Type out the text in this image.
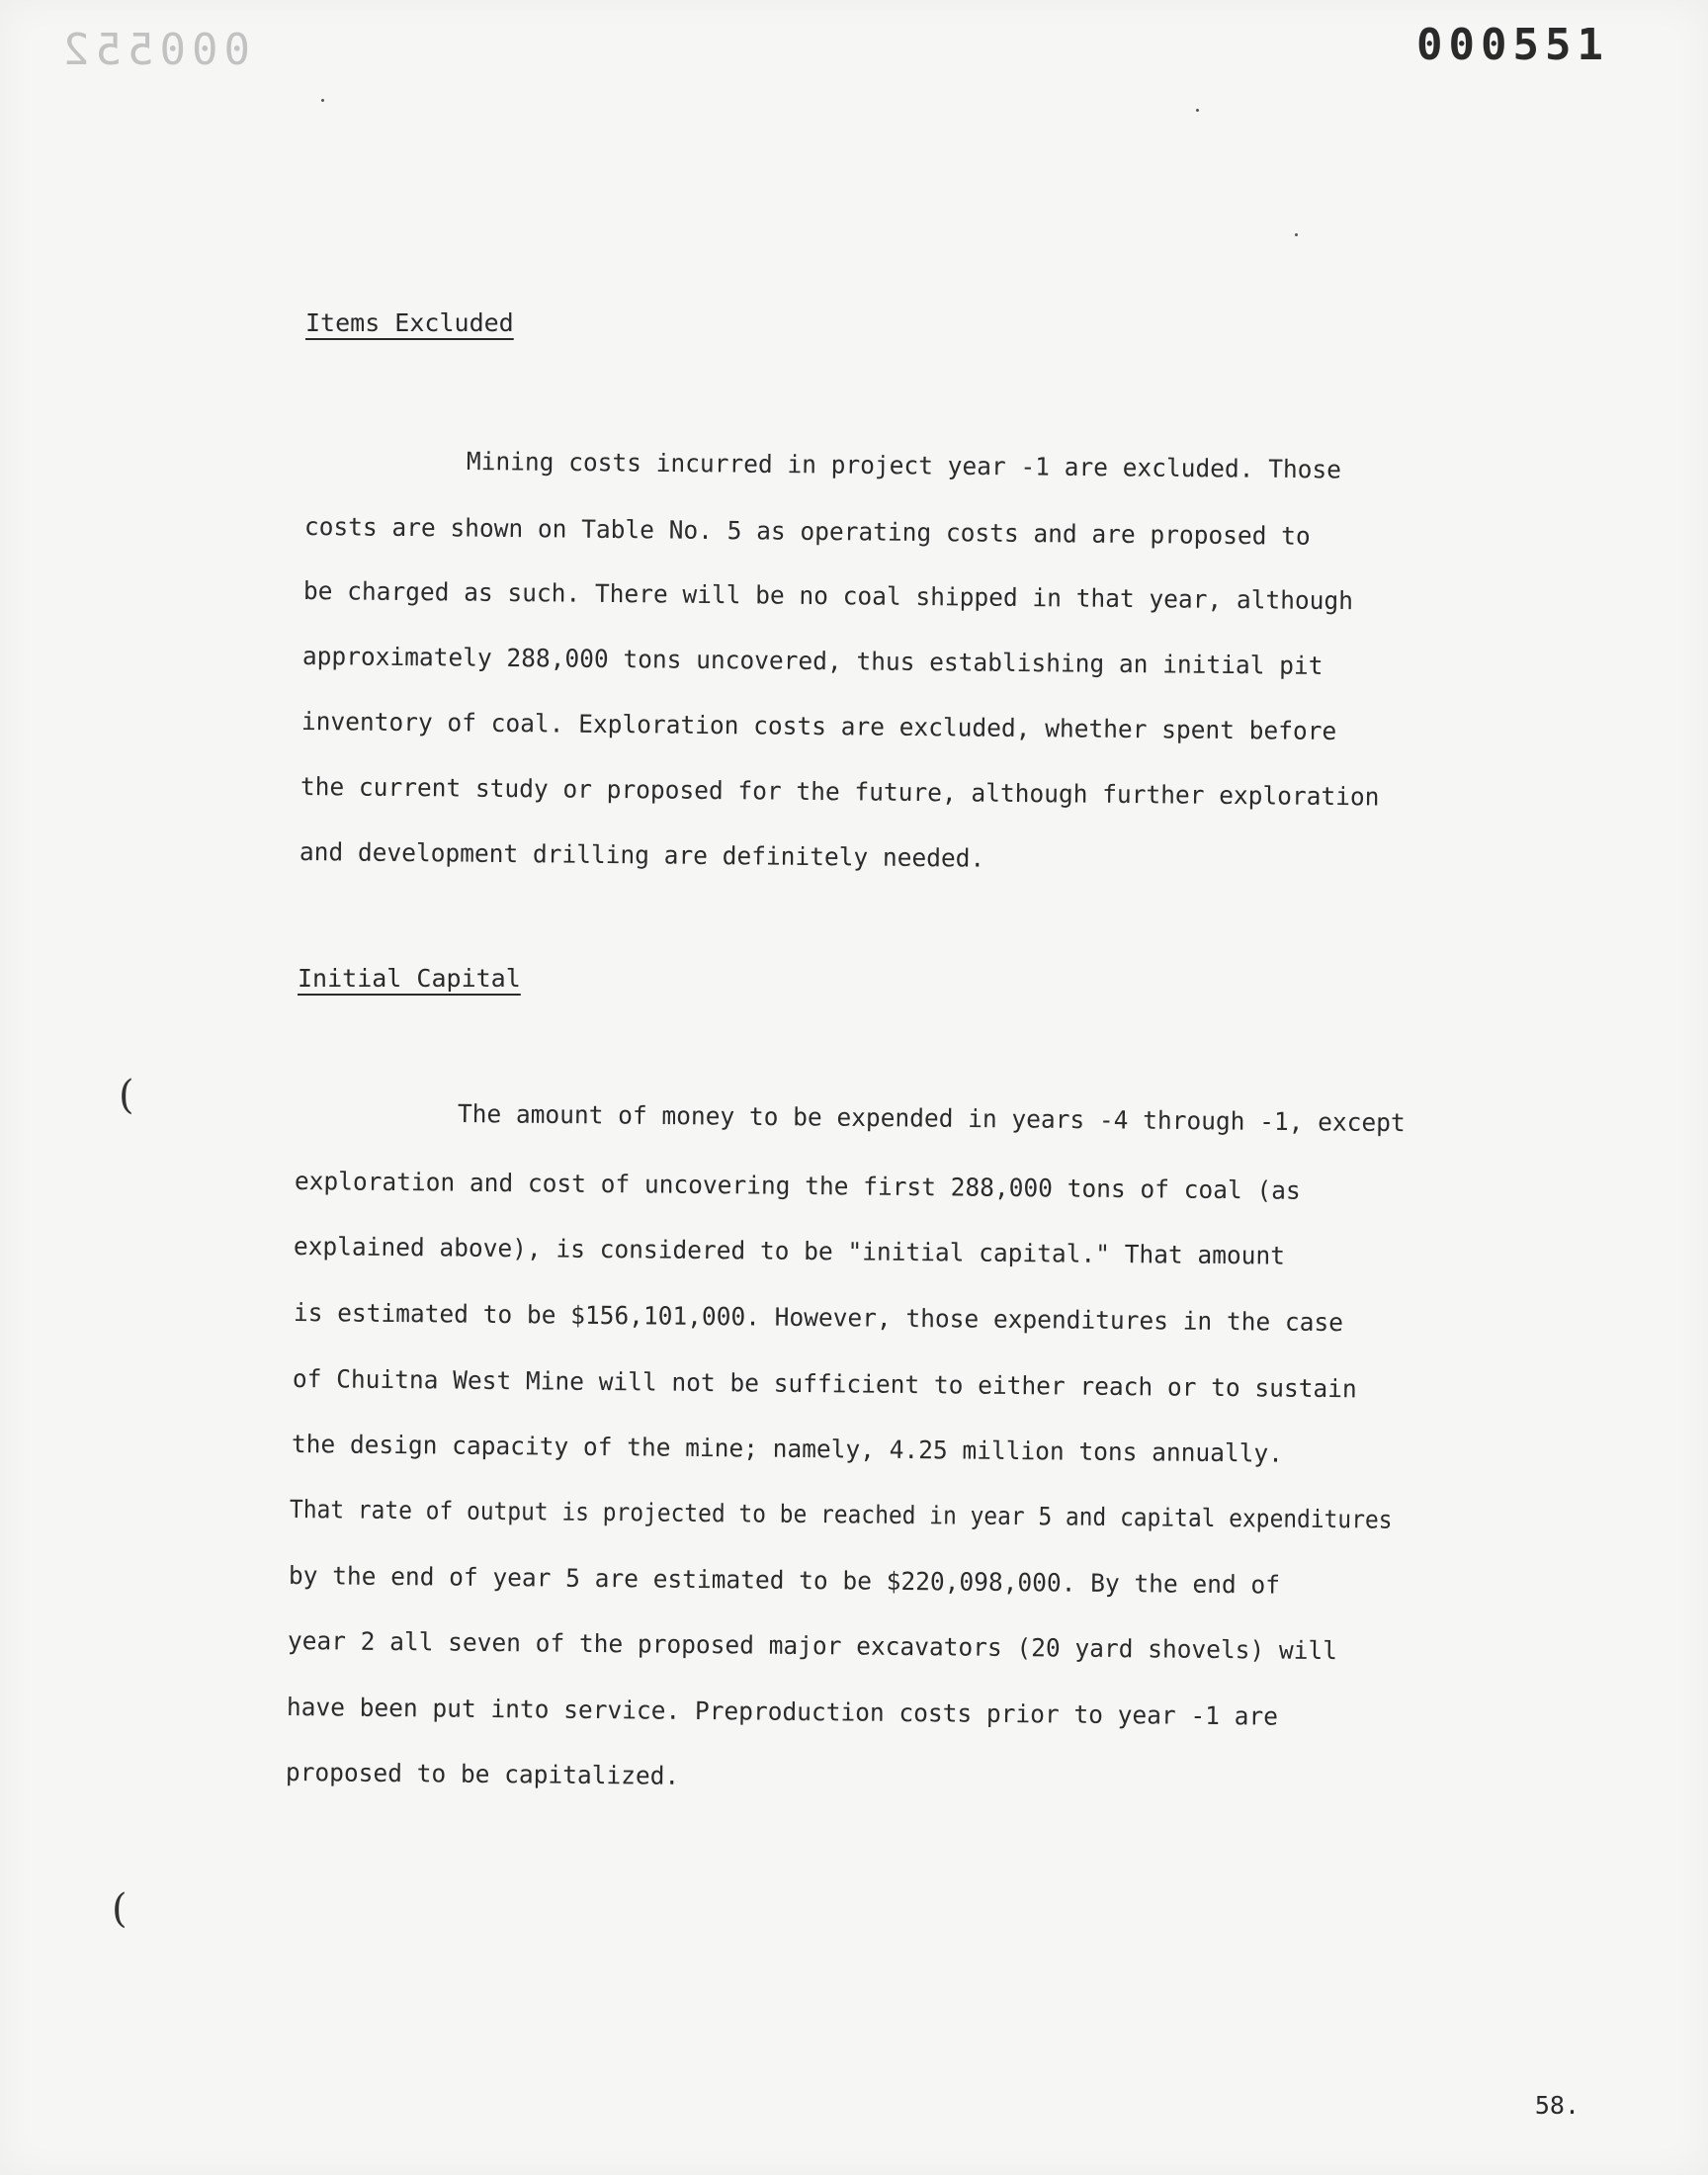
000552	000551
Items Excluded
Mining costs incurred in project year -1 are excluded. Those
costs are shown on Table No. 5 as operating costs and are proposed to
be charged as such. There will be no coal shipped in that year, although
approximately 288,000 tons uncovered, thus establishing an initial pit
inventory of coal. Exploration costs are excluded, whether spent before
the current study or proposed for the future, although further exploration
and development drilling are definitely needed.
Initial Capital
The amount of money to be expended in years -4 through -1, except
exploration and cost of uncovering the first 288,000 tons of coal (as
explained above), is considered to be "initial capital." That amount
is estimated to be $156,101,000. However, those expenditures in the case
of Chuitna West Mine will not be sufficient to either reach or to sustain
the design capacity of the mine; namely, 4.25 million tons annually.
That rate of output is projected to be reached in year 5 and capital expenditures
by the end of year 5 are estimated to be $220,098,000. By the end of
year 2 all seven of the proposed major excavators (20 yard shovels) will
have been put into service. Preproduction costs prior to year -1 are
proposed to be capitalized.
(
(
58.
